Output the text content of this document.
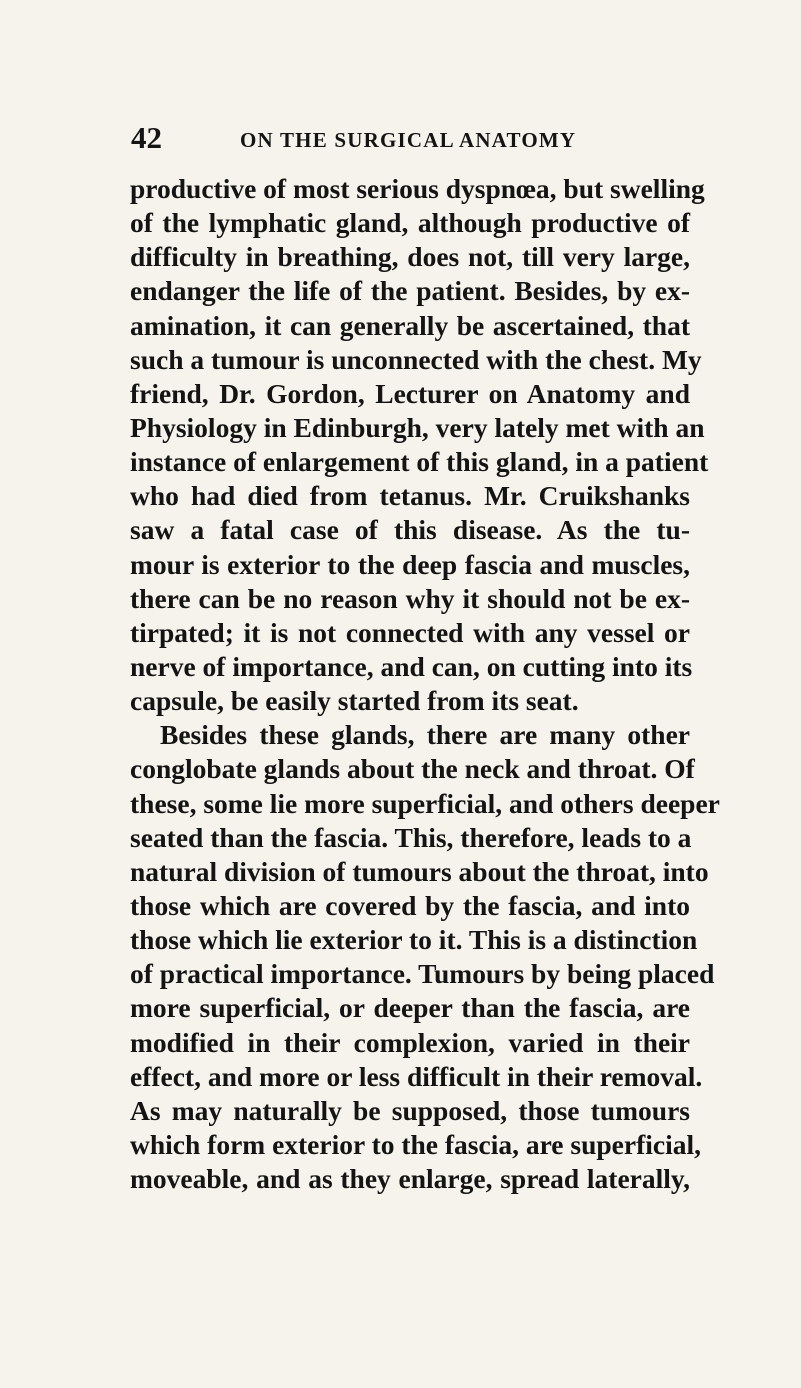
42	ON THE SURGICAL ANATOMY
productive of most serious dyspnœa, but swelling
of the lymphatic gland, although productive of
difficulty in breathing, does not, till very large,
endanger the life of the patient. Besides, by ex-
amination, it can generally be ascertained, that
such a tumour is unconnected with the chest. My
friend, Dr. Gordon, Lecturer on Anatomy and
Physiology in Edinburgh, very lately met with an
instance of enlargement of this gland, in a patient
who had died from tetanus. Mr. Cruikshanks
saw a fatal case of this disease. As the tu-
mour is exterior to the deep fascia and muscles,
there can be no reason why it should not be ex-
tirpated; it is not connected with any vessel or
nerve of importance, and can, on cutting into its
capsule, be easily started from its seat.
Besides these glands, there are many other
conglobate glands about the neck and throat. Of
these, some lie more superficial, and others deeper
seated than the fascia. This, therefore, leads to a
natural division of tumours about the throat, into
those which are covered by the fascia, and into
those which lie exterior to it. This is a distinction
of practical importance. Tumours by being placed
more superficial, or deeper than the fascia, are
modified in their complexion, varied in their
effect, and more or less difficult in their removal.
As may naturally be supposed, those tumours
which form exterior to the fascia, are superficial,
moveable, and as they enlarge, spread laterally,
